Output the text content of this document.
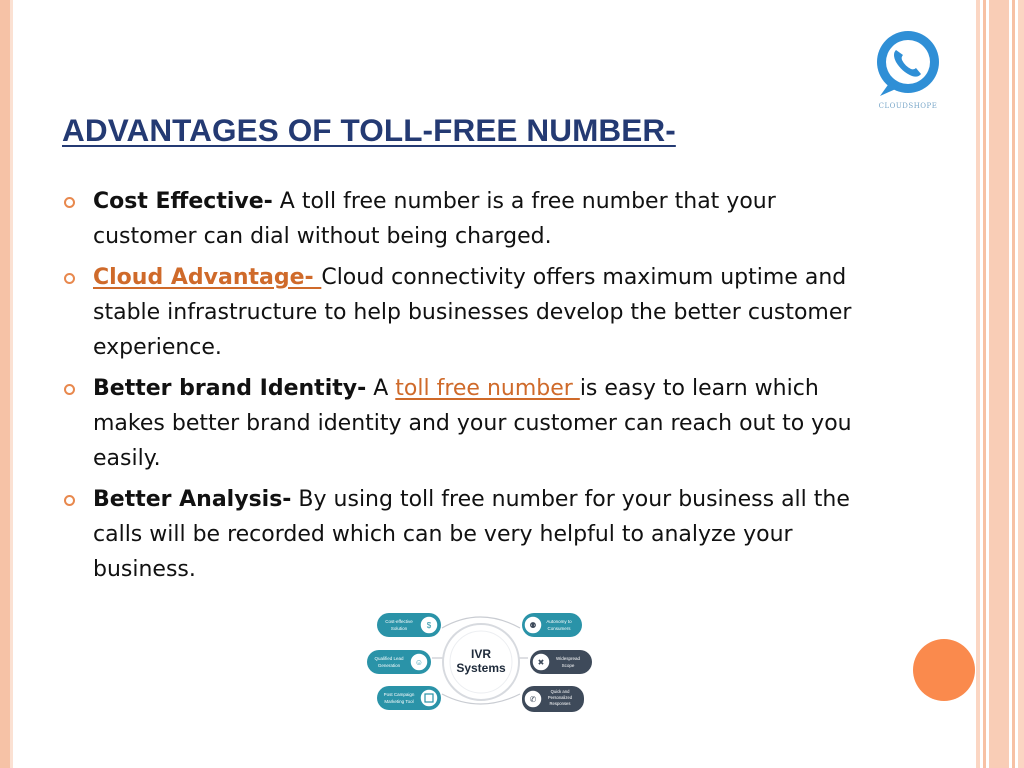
CLOUDSHOPE
ADVANTAGES OF TOLL-FREE NUMBER-
Cost Effective- A toll free number is a free number that your customer can dial without being charged.
Cloud Advantage- Cloud connectivity offers maximum uptime and stable infrastructure to help businesses develop the better customer experience.
Better brand Identity- A toll free number is easy to learn which makes better brand identity and your customer can reach out to you easily.
Better Analysis- By using toll free number for your business all the calls will be recorded which can be very helpful to analyze your business.
IVR
Systems
$
Cost-effective
Solution
☺
Qualified Lead
Generation
Post Campaign
Marketing Tool
⚉ Autonomy to
Consumers
✖	Widespread
Scope
✆
Quick and
Personalized
Responses
